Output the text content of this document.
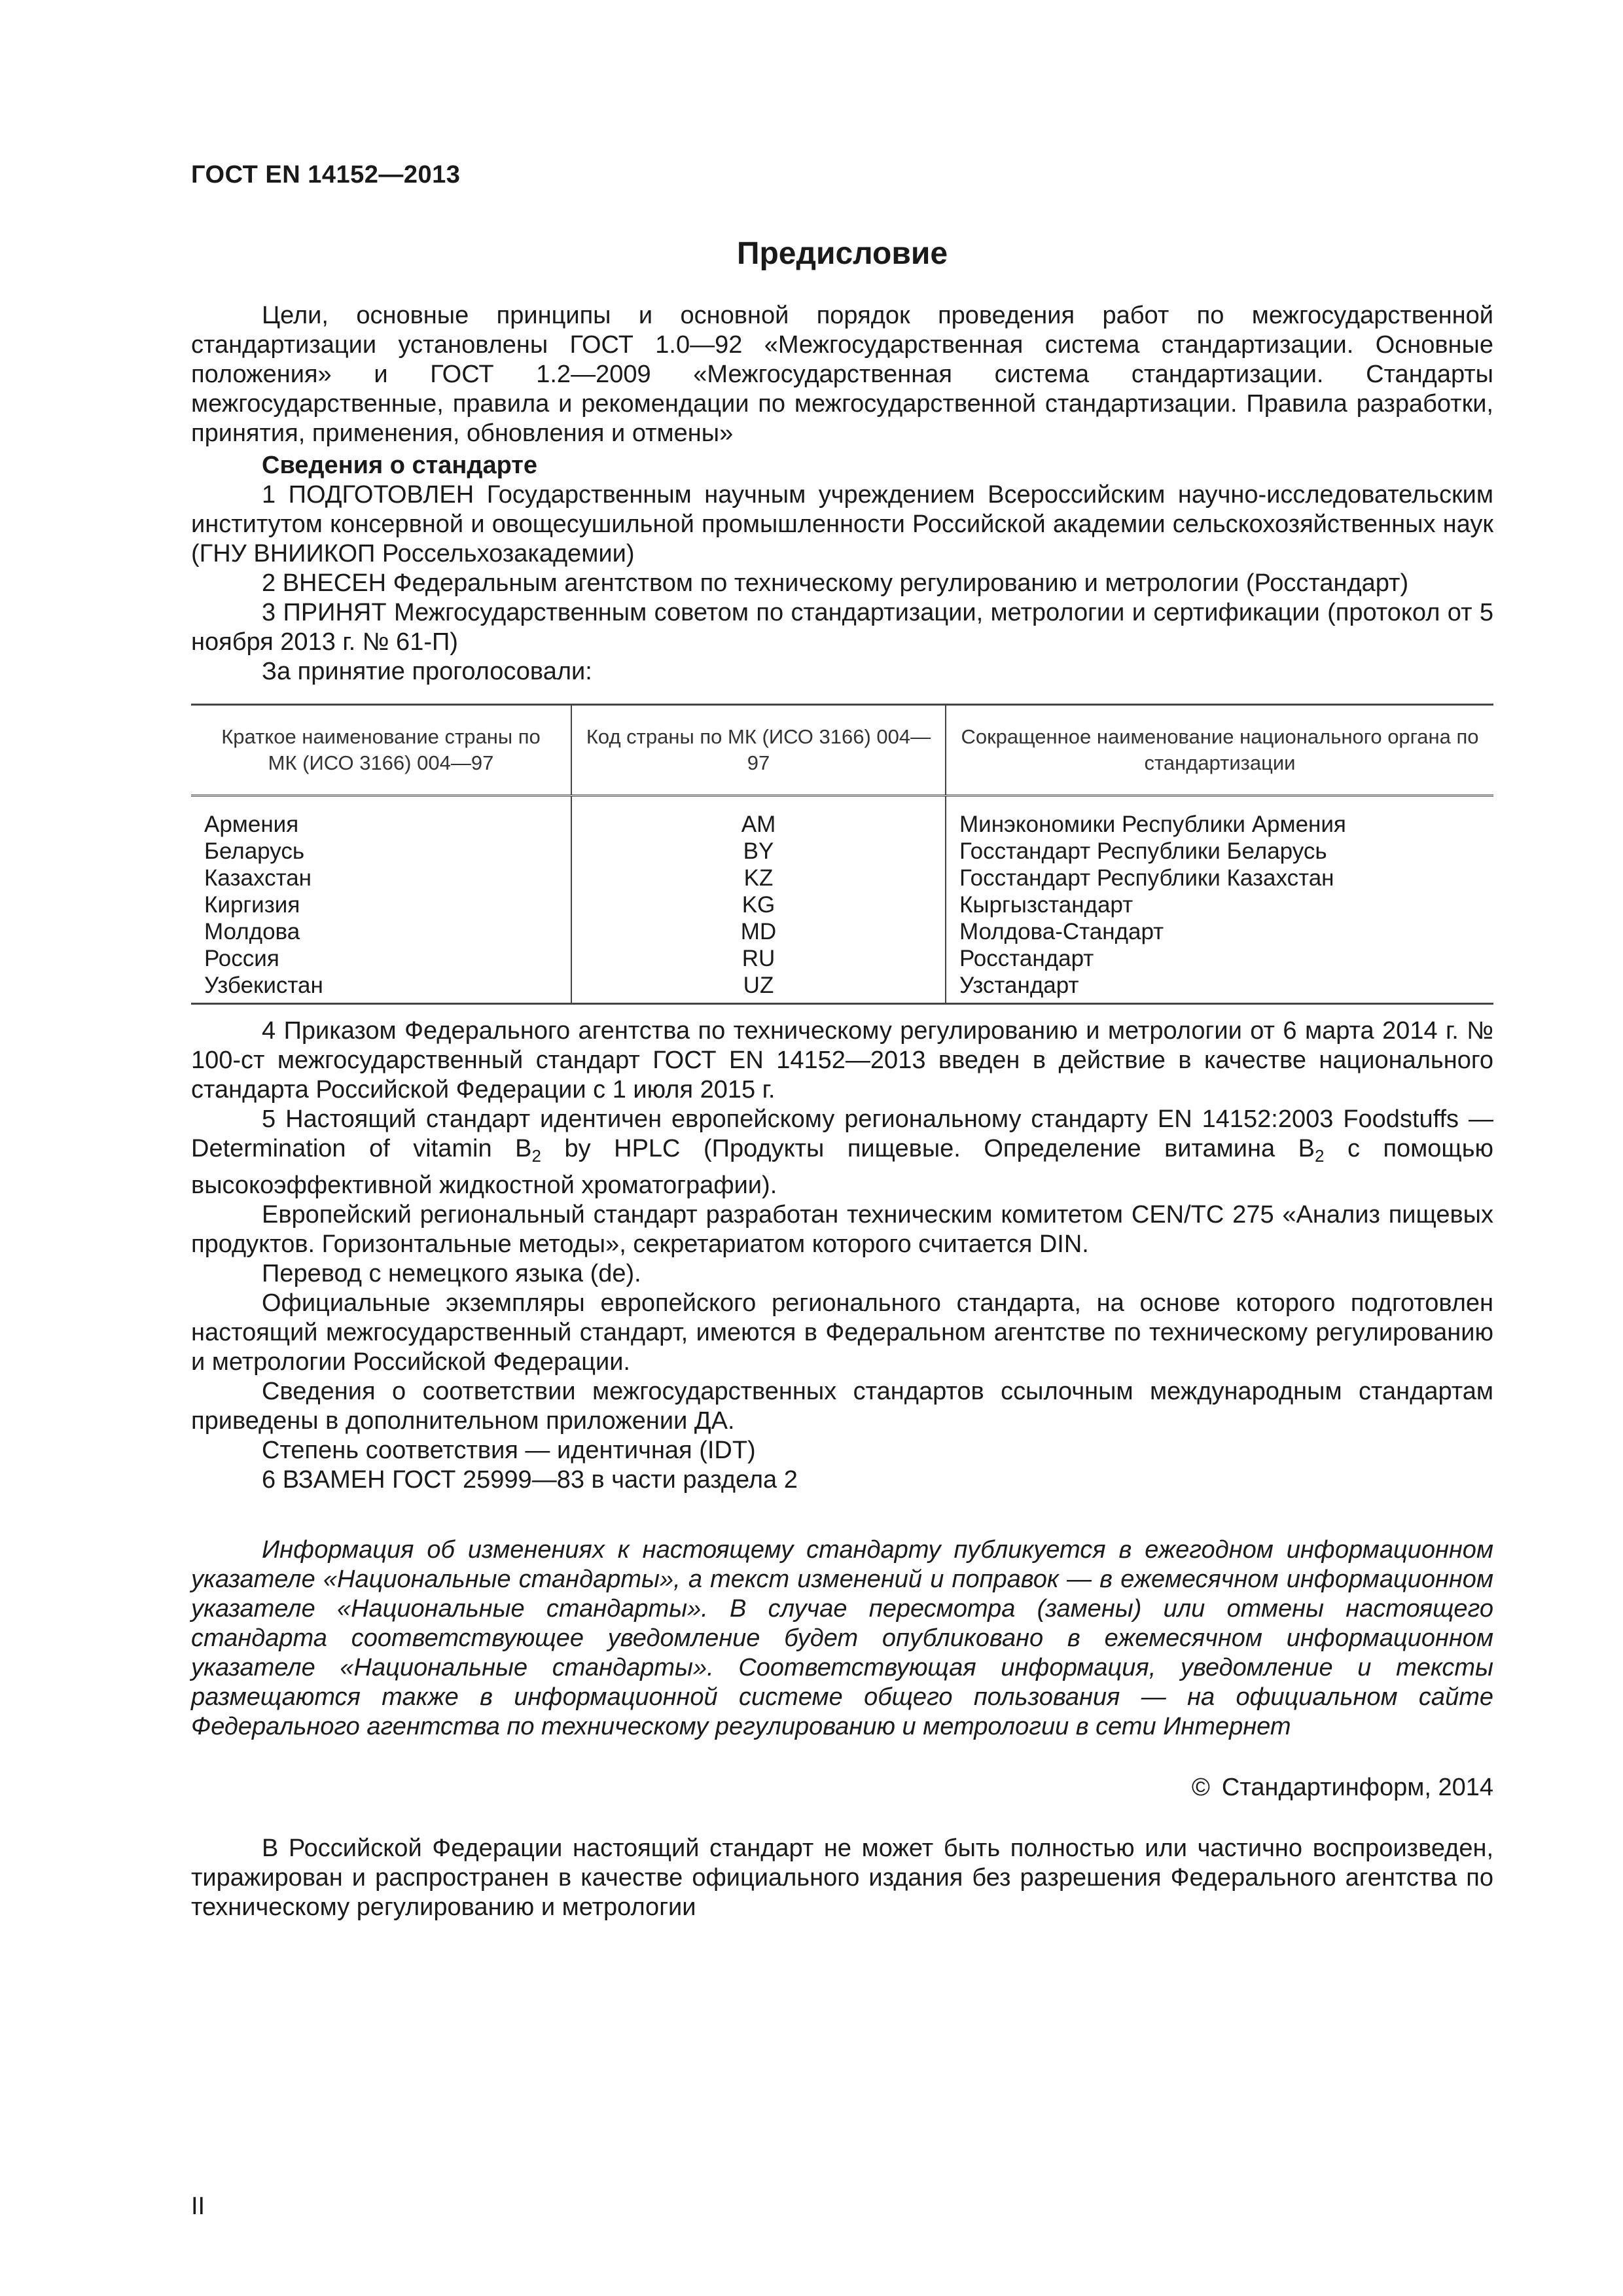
ГОСТ EN 14152—2013
Предисловие

Цели, основные принципы и основной порядок проведения работ по межгосударственной стандартизации установлены ГОСТ 1.0—92 «Межгосударственная система стандартизации. Основные положения» и ГОСТ 1.2—2009 «Межгосударственная система стандартизации. Стандарты межгосударственные, правила и рекомендации по межгосударственной стандартизации. Правила разработки, принятия, применения, обновления и отмены»

Сведения о стандарте

1 ПОДГОТОВЛЕН Государственным научным учреждением Всероссийским научно-исследовательским институтом консервной и овощесушильной промышленности Российской академии сельскохозяйственных наук (ГНУ ВНИИКОП Россельхозакадемии)

2 ВНЕСЕН Федеральным агентством по техническому регулированию и метрологии (Росстандарт)

3 ПРИНЯТ Межгосударственным советом по стандартизации, метрологии и сертификации (протокол от 5 ноября 2013 г. № 61-П)

За принятие проголосовали:

Краткое наименование страны по МК (ИСО 3166) 004—97	Код страны по МК (ИСО 3166) 004—97	Сокращенное наименование национального органа по стандартизации
Армения	AM	Минэкономики Республики Армения
Беларусь	BY	Госстандарт Республики Беларусь
Казахстан	KZ	Госстандарт Республики Казахстан
Киргизия	KG	Кыргызстандарт
Молдова	MD	Молдова-Стандарт
Россия	RU	Росстандарт
Узбекистан	UZ	Узстандарт

4 Приказом Федерального агентства по техническому регулированию и метрологии от 6 марта 2014 г. № 100-ст межгосударственный стандарт ГОСТ EN 14152—2013 введен в действие в качестве национального стандарта Российской Федерации с 1 июля 2015 г.

5 Настоящий стандарт идентичен европейскому региональному стандарту EN 14152:2003 Foodstuffs — Determination of vitamin $B_2$ by HPLC (Продукты пищевые. Определение витамина $B_2$ с помощью высокоэффективной жидкостной хроматографии).

Европейский региональный стандарт разработан техническим комитетом CEN/TC 275 «Анализ пищевых продуктов. Горизонтальные методы», секретариатом которого считается DIN.

Перевод с немецкого языка (de).

Официальные экземпляры европейского регионального стандарта, на основе которого подготовлен настоящий межгосударственный стандарт, имеются в Федеральном агентстве по техническому регулированию и метрологии Российской Федерации.

Сведения о соответствии межгосударственных стандартов ссылочным международным стандартам приведены в дополнительном приложении ДА.

Степень соответствия — идентичная (IDT)

6 ВЗАМЕН ГОСТ 25999—83 в части раздела 2

Информация об изменениях к настоящему стандарту публикуется в ежегодном информационном указателе «Национальные стандарты», а текст изменений и поправок — в ежемесячном информационном указателе «Национальные стандарты». В случае пересмотра (замены) или отмены настоящего стандарта соответствующее уведомление будет опубликовано в ежемесячном информационном указателе «Национальные стандарты». Соответствующая информация, уведомление и тексты размещаются также в информационной системе общего пользования — на официальном сайте Федерального агентства по техническому регулированию и метрологии в сети Интернет

© Стандартинформ, 2014

В Российской Федерации настоящий стандарт не может быть полностью или частично воспроизведен, тиражирован и распространен в качестве официального издания без разрешения Федерального агентства по техническому регулированию и метрологии

II
